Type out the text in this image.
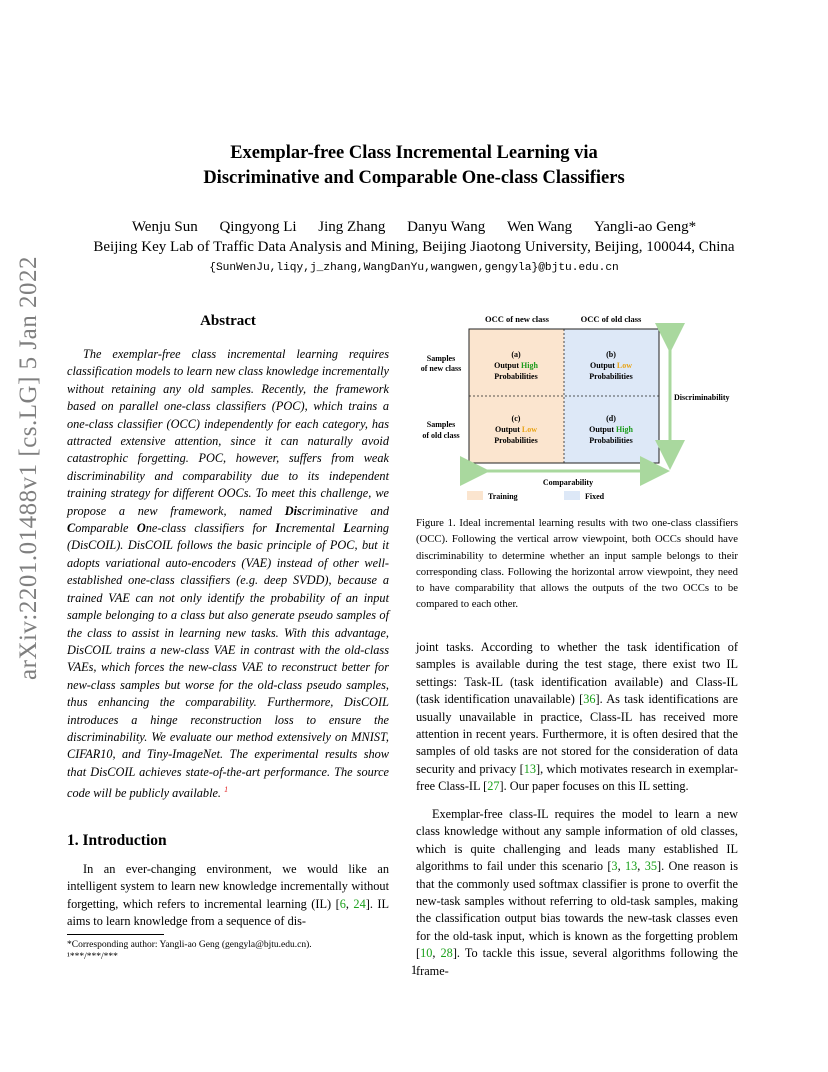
Exemplar-free Class Incremental Learning via
Discriminative and Comparable One-class Classifiers
Wenju Sun Qingyong Li Jing Zhang Danyu Wang Wen Wang Yangli-ao Geng*
Beijing Key Lab of Traffic Data Analysis and Mining, Beijing Jiaotong University, Beijing, 100044, China
{SunWenJu,liqy,j_zhang,WangDanYu,wangwen,gengyla}@bjtu.edu.cn
arXiv:2201.01488v1 [cs.LG] 5 Jan 2022	Abstract
The exemplar-free class incremental learning requires classification models to learn new class knowledge incrementally without retaining any old samples. Recently, the framework based on parallel one-class classifiers (POC), which trains a one-class classifier (OCC) independently for each category, has attracted extensive attention, since it can naturally avoid catastrophic forgetting. POC, however, suffers from weak discriminability and comparability due to its independent training strategy for different OOCs. To meet this challenge, we propose a new framework, named Discriminative and Comparable One-class classifiers for Incremental Learning (DisCOIL). DisCOIL follows the basic principle of POC, but it adopts variational auto-encoders (VAE) instead of other well-established one-class classifiers (e.g. deep SVDD), because a trained VAE can not only identify the probability of an input sample belonging to a class but also generate pseudo samples of the class to assist in learning new tasks. With this advantage, DisCOIL trains a new-class VAE in contrast with the old-class VAEs, which forces the new-class VAE to reconstruct better for new-class samples but worse for the old-class pseudo samples, thus enhancing the comparability. Furthermore, DisCOIL introduces a hinge reconstruction loss to ensure the discriminability. We evaluate our method extensively on MNIST, CIFAR10, and Tiny-ImageNet. The experimental results show that DisCOIL achieves state-of-the-art performance. The source code will be publicly available. $^1$
1. Introduction
In an ever-changing environment, we would like an intelligent system to learn new knowledge incrementally without forgetting, which refers to incremental learning (IL) [6, 24]. IL aims to learn knowledge from a sequence of dis-
*Corresponding author: Yangli-ao Geng (gengyla@bjtu.edu.cn).
¹***/***/***
OCC of new class	OCC of old class
Samples
of new class
Samples
of old class
(a)
Output High
Probabilities
(b)
Output Low
Probabilities
(c)
Output Low
Probabilities
(d)
Output High
Probabilities
Discriminability
Comparability
Training	Fixed
Figure 1. Ideal incremental learning results with two one-class classifiers (OCC). Following the vertical arrow viewpoint, both OCCs should have discriminability to determine whether an input sample belongs to their corresponding class. Following the horizontal arrow viewpoint, they need to have comparability that allows the outputs of the two OCCs to be compared to each other.
joint tasks. According to whether the task identification of samples is available during the test stage, there exist two IL settings: Task-IL (task identification available) and Class-IL (task identification unavailable) [36]. As task identifications are usually unavailable in practice, Class-IL has received more attention in recent years. Furthermore, it is often desired that the samples of old tasks are not stored for the consideration of data security and privacy [13], which motivates research in exemplar-free Class-IL [27]. Our paper focuses on this IL setting.
Exemplar-free class-IL requires the model to learn a new class knowledge without any sample information of old classes, which is quite challenging and leads many established IL algorithms to fail under this scenario [3, 13, 35]. One reason is that the commonly used softmax classifier is prone to overfit the new-task samples without referring to old-task samples, making the classification output bias towards the new-task classes even for the old-task input, which is known as the forgetting problem [10, 28]. To tackle this issue, several algorithms following the frame-
1
